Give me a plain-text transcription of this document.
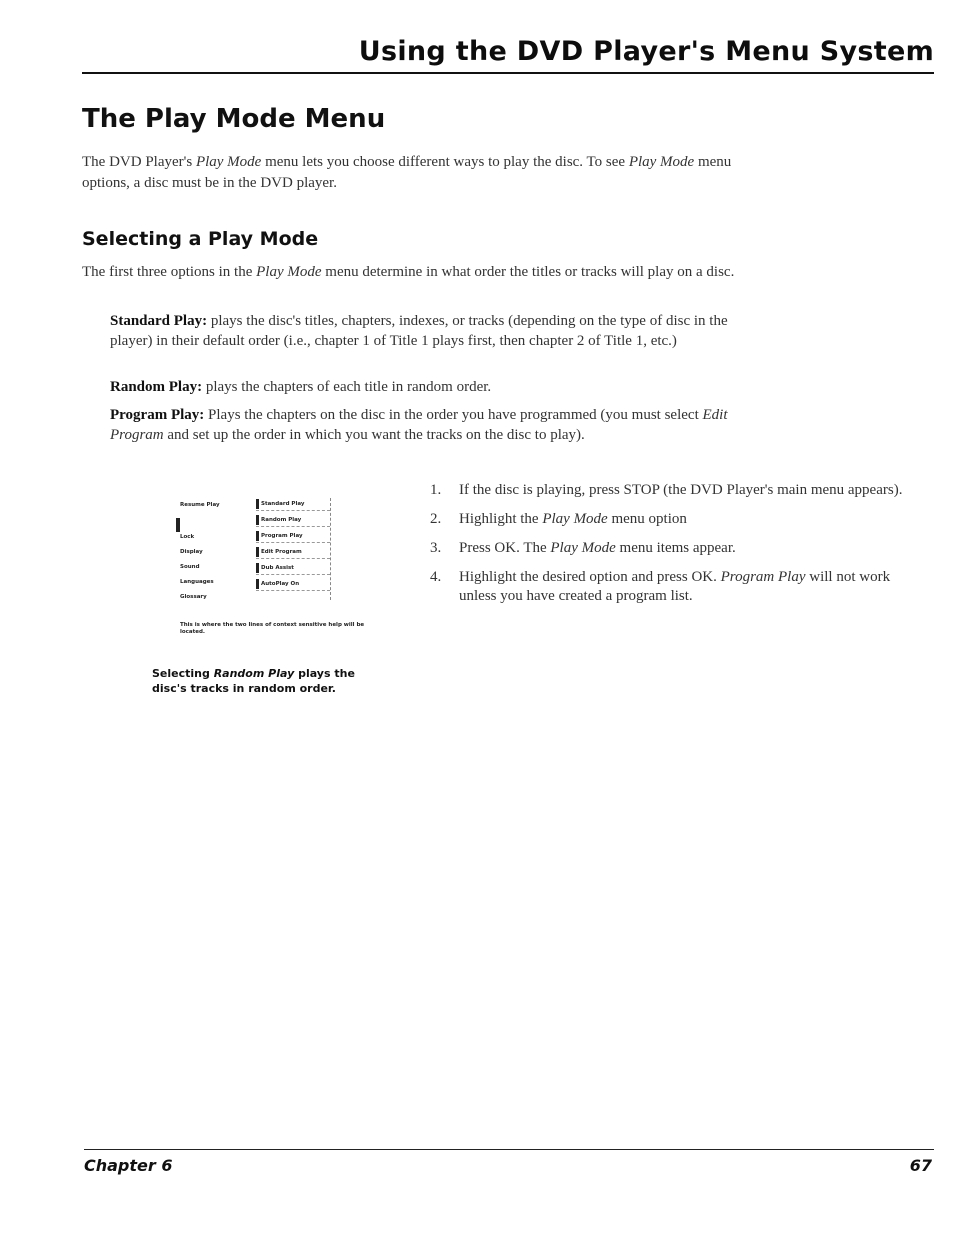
Using the DVD Player's Menu System
The Play Mode Menu

The DVD Player's Play Mode menu lets you choose different ways to play the disc. To see Play Mode menu options, a disc must be in the DVD player.

Selecting a Play Mode

The first three options in the Play Mode menu determine in what order the titles or tracks will play on a disc.

Standard Play: plays the disc's titles, chapters, indexes, or tracks (depending on the type of disc in the player) in their default order (i.e., chapter 1 of Title 1 plays first, then chapter 2 of Title 1, etc.)

Random Play: plays the chapters of each title in random order.

Program Play: Plays the chapters on the disc in the order you have programmed (you must select Edit Program and set up the order in which you want the tracks on the disc to play).

Resume Play
Lock
Display
Sound
Languages
Glossary
Standard Play
Random Play
Program Play
Edit Program
Dub Assist
AutoPlay On
This is where the two lines of context sensitive help will be located.

Selecting Random Play plays the disc's tracks in random order.

1. If the disc is playing, press STOP (the DVD Player's main menu appears).
2. Highlight the Play Mode menu option
3. Press OK. The Play Mode menu items appear.
4. Highlight the desired option and press OK. Program Play will not work unless you have created a program list.
Chapter 6	67
